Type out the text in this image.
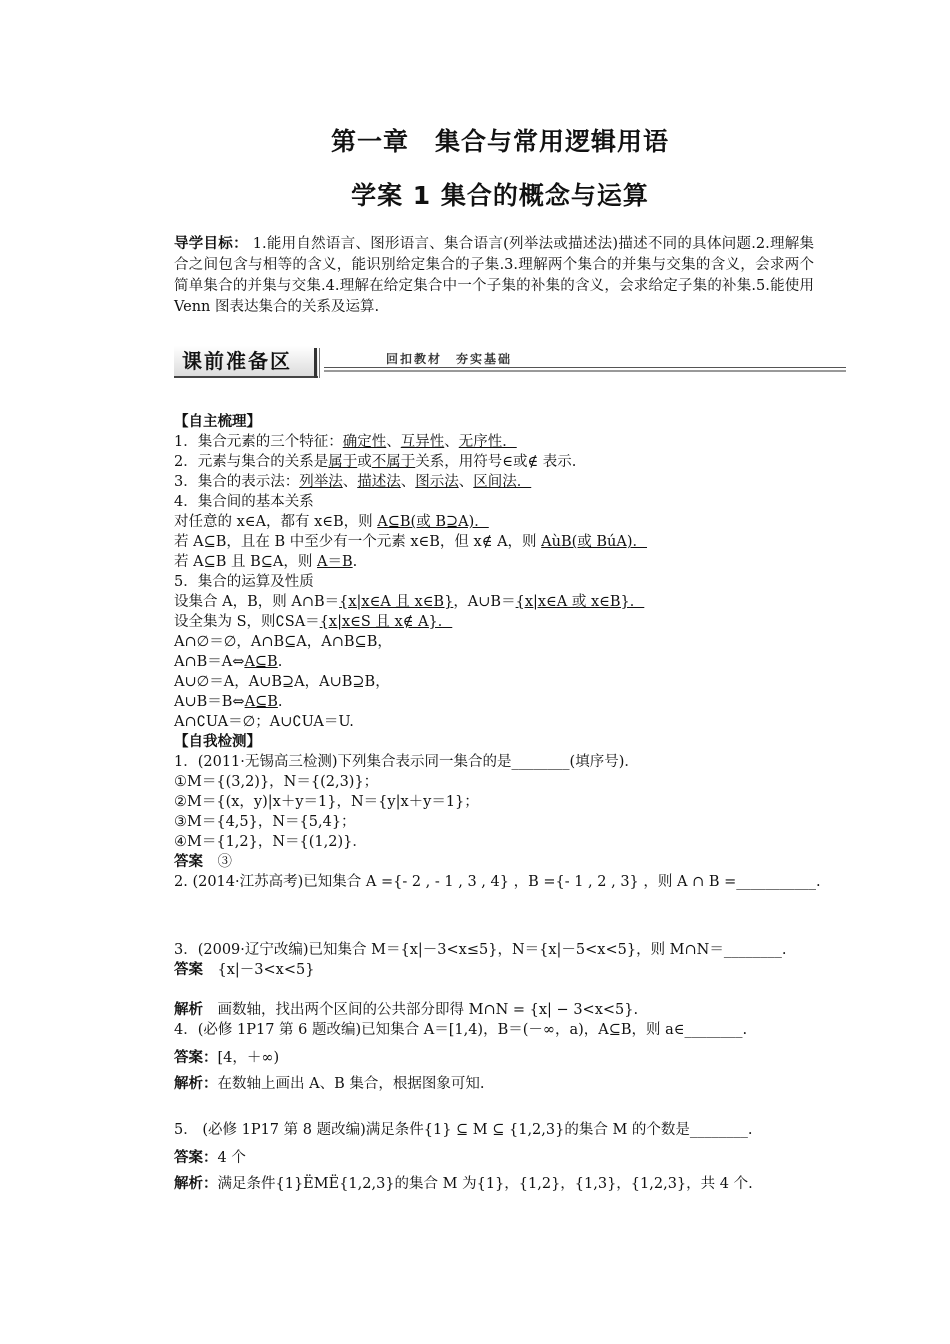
第一章　集合与常用逻辑用语
学案 1 集合的概念与运算
导学目标： 1.能用自然语言、图形语言、集合语言(列举法或描述法)描述不同的具体问题.2.理解集合之间包含与相等的含义，能识别给定集合的子集.3.理解两个集合的并集与交集的含义，会求两个简单集合的并集与交集.4.理解在给定集合中一个子集的补集的含义，会求给定子集的补集.5.能使用 Venn 图表达集合的关系及运算.
课前准备区	回扣教材　夯实基础
【自主梳理】
1．集合元素的三个特征：确定性、互异性、无序性．
2．元素与集合的关系是属于或不属于关系，用符号∈或∉ 表示.
3．集合的表示法：列举法、描述法、图示法、区间法．
4．集合间的基本关系
对任意的 x∈A，都有 x∈B，则 A⊆B(或 B⊇A)．
若 A⊆B，且在 B 中至少有一个元素 x∈B，但 x∉ A，则 AùB(或 BúA)．
若 A⊆B 且 B⊆A，则 A＝B.
5．集合的运算及性质
设集合 A，B，则 A∩B＝{x|x∈A 且 x∈B}，A∪B＝{x|x∈A 或 x∈B}．
设全集为 S，则∁SA＝{x|x∈S 且 x∉ A}．
A∩∅＝∅，A∩B⊆A，A∩B⊆B，
A∩B＝A⇔A⊆B.
A∪∅＝A，A∪B⊇A，A∪B⊇B，
A∪B＝B⇔A⊆B.
A∩∁UA＝∅；A∪∁UA＝U.
【自我检测】
1．(2011·无锡高三检测)下列集合表示同一集合的是________(填序号)．
①M＝{(3,2)}，N＝{(2,3)}；
②M＝{(x，y)|x＋y＝1}，N＝{y|x＋y＝1}；
③M＝{4,5}，N＝{5,4}；
④M＝{1,2}，N＝{(1,2)}．
答案　③
2. (2014·江苏高考)已知集合 A ={- 2 , - 1 , 3 , 4} ，B ={- 1 , 2 , 3} ，则 A ∩ B =___________.
3．(2009·辽宁改编)已知集合 M＝{x|－3<x≤5}，N＝{x|－5<x<5}，则 M∩N＝________.
答案　{x|－3<x<5}
解析　画数轴，找出两个区间的公共部分即得 M∩N = {x| − 3<x<5}.
4．(必修 1P17 第 6 题改编)已知集合 A＝[1,4)，B＝(－∞，a)，A⊆B，则 a∈________.
答案：[4，＋∞)
解析：在数轴上画出 A、B 集合，根据图象可知.
5． (必修 1P17 第 8 题改编)满足条件{1} ⊆ M ⊆ {1,2,3}的集合 M 的个数是________.
答案：4 个
解析：满足条件{1}ËMË{1,2,3}的集合 M 为{1}，{1,2}，{1,3}，{1,2,3}，共 4 个.
